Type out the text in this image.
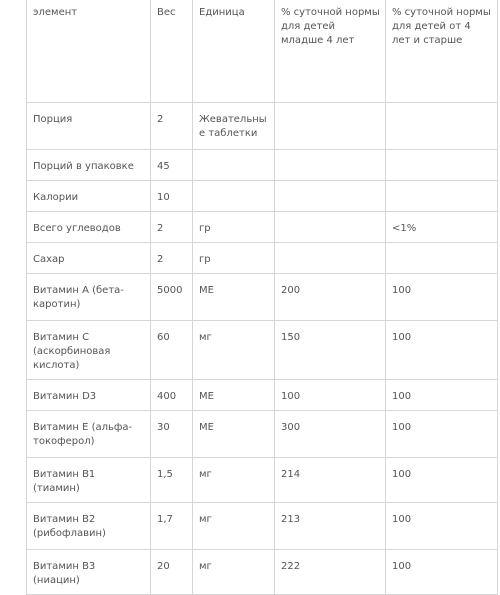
элемент	Вес	Единица	% суточной нормы для детей младше 4 лет	% суточной нормы для детей от 4 лет и старше
Порция	2	Жевательные таблетки		
Порций в упаковке	45			
Калории	10			
Всего углеводов	2	гр		<1%
Сахар	2	гр		
Витамин А (бета-каротин)	5000	МЕ	200	100
Витамин С (аскорбиновая кислота)	60	мг	150	100
Витамин D3	400	МЕ	100	100
Витамин Е (альфа-токоферол)	30	МЕ	300	100
Витамин В1 (тиамин)	1,5	мг	214	100
Витамин В2 (рибофлавин)	1,7	мг	213	100
Витамин В3 (ниацин)	20	мг	222	100
